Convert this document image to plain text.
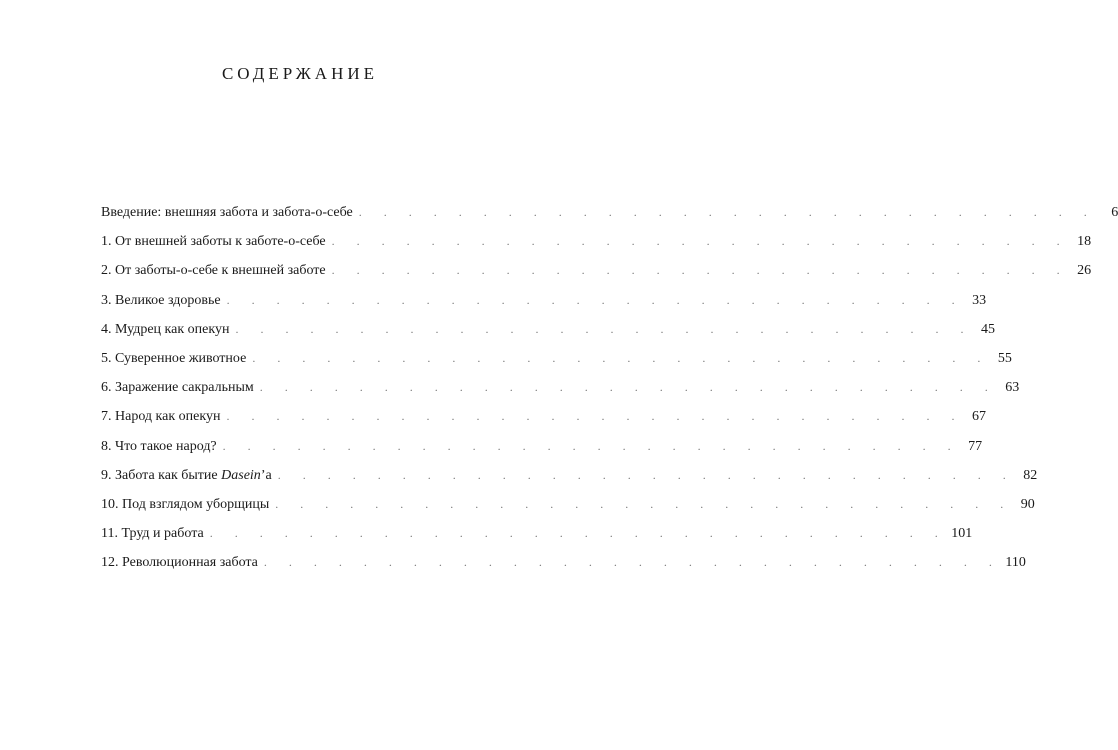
СОДЕРЖАНИЕ
Введение: внешняя забота и забота-о-себе . . . . . . . . . . . . . . . . . . . . . . . . . . . . . .	6
1. От внешней заботы к заботе-о-себе . . . . . . . . . . . . . . . . . . . . . . . . . . . . . . 18
2. От заботы-о-себе к внешней заботе . . . . . . . . . . . . . . . . . . . . . . . . . . . . . . 26
3. Великое здоровье . . . . . . . . . . . . . . . . . . . . . . . . . . . . . . 33
4. Мудрец как опекун . . . . . . . . . . . . . . . . . . . . . . . . . . . . . . 45
5. Суверенное животное . . . . . . . . . . . . . . . . . . . . . . . . . . . . . . 55
6. Заражение сакральным . . . . . . . . . . . . . . . . . . . . . . . . . . . . . . 63
7. Народ как опекун . . . . . . . . . . . . . . . . . . . . . . . . . . . . . . 67
8. Что такое народ? . . . . . . . . . . . . . . . . . . . . . . . . . . . . . . 77
9. Забота как бытие Dasein’а . . . . . . . . . . . . . . . . . . . . . . . . . . . . . . 82
10. Под взглядом уборщицы . . . . . . . . . . . . . . . . . . . . . . . . . . . . . . 90
11. Труд и работа . . . . . . . . . . . . . . . . . . . . . . . . . . . . . . 101
12. Революционная забота . . . . . . . . . . . . . . . . . . . . . . . . . . . . . . 110
